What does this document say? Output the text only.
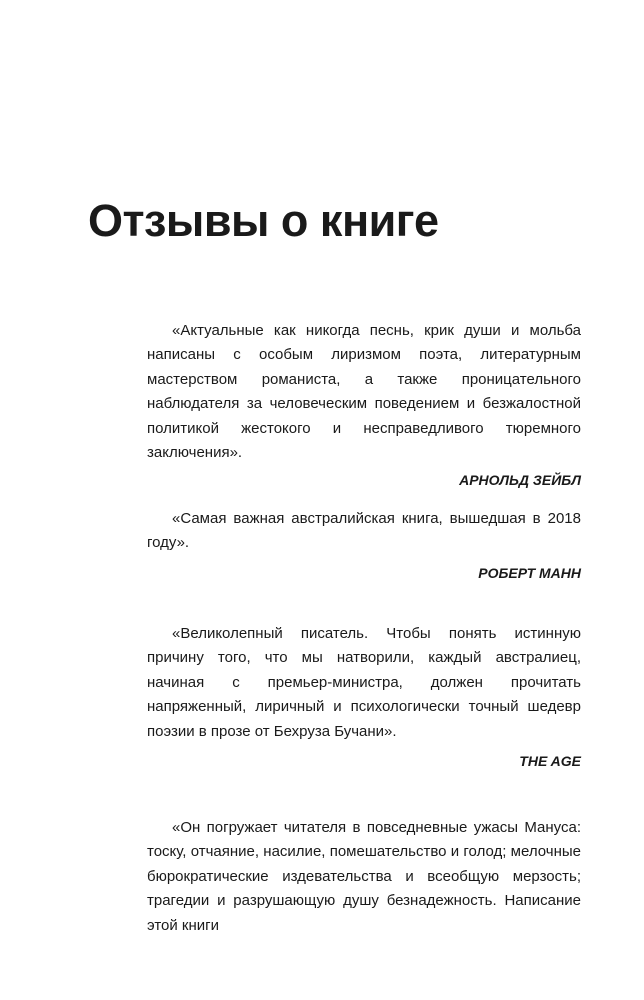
Отзывы о книге

«Актуальные как никогда песнь, крик души и мольба написаны с особым лиризмом поэта, литературным мастерством романиста, а также проницательного наблюдателя за человеческим поведением и безжалостной политикой жестокого и несправедливого тюремного заключения».

АРНОЛЬД ЗЕЙБЛ

«Самая важная австралийская книга, вышедшая в 2018 году».

РОБЕРТ МАНН

«Великолепный писатель. Чтобы понять истинную причину того, что мы натворили, каждый австралиец, начиная с премьер-министра, должен прочитать напряженный, лиричный и психологически точный шедевр поэзии в прозе от Бехруза Бучани».

THE AGE

«Он погружает читателя в повседневные ужасы Мануса: тоску, отчаяние, насилие, помешательство и голод; мелочные бюрократические издевательства и всеобщую мерзость; трагедии и разрушающую душу безнадежность. Написание этой книги
